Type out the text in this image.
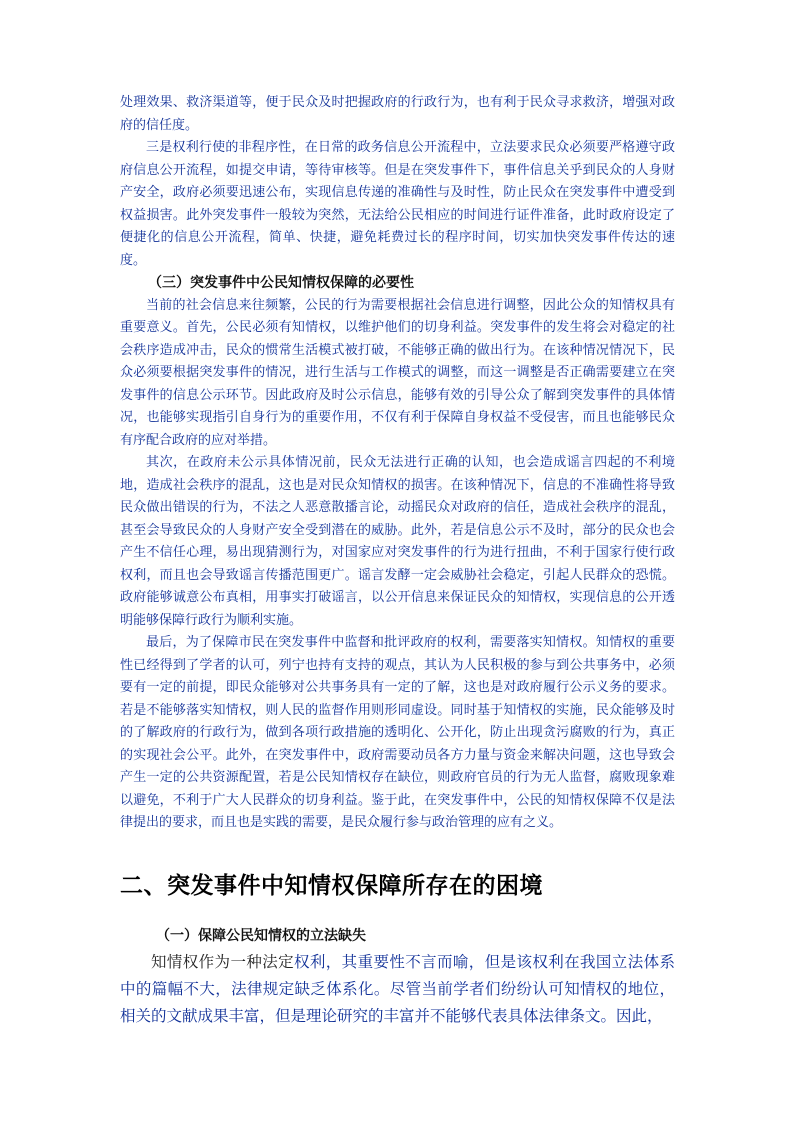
处理效果、救济渠道等，便于民众及时把握政府的行政行为，也有利于民众寻求救济，增强对政府的信任度。

三是权利行使的非程序性，在日常的政务信息公开流程中，立法要求民众必须要严格遵守政府信息公开流程，如提交申请，等待审核等。但是在突发事件下，事件信息关乎到民众的人身财产安全，政府必须要迅速公布，实现信息传递的准确性与及时性，防止民众在突发事件中遭受到权益损害。此外突发事件一般较为突然，无法给公民相应的时间进行证件准备，此时政府设定了便捷化的信息公开流程，简单、快捷，避免耗费过长的程序时间，切实加快突发事件传达的速度。

（三）突发事件中公民知情权保障的必要性

当前的社会信息来往频繁，公民的行为需要根据社会信息进行调整，因此公众的知情权具有重要意义。首先，公民必须有知情权，以维护他们的切身利益。突发事件的发生将会对稳定的社会秩序造成冲击，民众的惯常生活模式被打破，不能够正确的做出行为。在该种情况情况下，民众必须要根据突发事件的情况，进行生活与工作模式的调整，而这一调整是否正确需要建立在突发事件的信息公示环节。因此政府及时公示信息，能够有效的引导公众了解到突发事件的具体情况，也能够实现指引自身行为的重要作用，不仅有利于保障自身权益不受侵害，而且也能够民众有序配合政府的应对举措。

其次，在政府未公示具体情况前，民众无法进行正确的认知，也会造成谣言四起的不利境地，造成社会秩序的混乱，这也是对民众知情权的损害。在该种情况下，信息的不准确性将导致民众做出错误的行为，不法之人恶意散播言论，动摇民众对政府的信任，造成社会秩序的混乱，甚至会导致民众的人身财产安全受到潜在的威胁。此外，若是信息公示不及时，部分的民众也会产生不信任心理，易出现猜测行为，对国家应对突发事件的行为进行扭曲，不利于国家行使行政权利，而且也会导致谣言传播范围更广。谣言发酵一定会威胁社会稳定，引起人民群众的恐慌。政府能够诚意公布真相，用事实打破谣言，以公开信息来保证民众的知情权，实现信息的公开透明能够保障行政行为顺利实施。

最后，为了保障市民在突发事件中监督和批评政府的权利，需要落实知情权。知情权的重要性已经得到了学者的认可，列宁也持有支持的观点，其认为人民积极的参与到公共事务中，必须要有一定的前提，即民众能够对公共事务具有一定的了解，这也是对政府履行公示义务的要求。若是不能够落实知情权，则人民的监督作用则形同虚设。同时基于知情权的实施，民众能够及时的了解政府的行政行为，做到各项行政措施的透明化、公开化，防止出现贪污腐败的行为，真正的实现社会公平。此外，在突发事件中，政府需要动员各方力量与资金来解决问题，这也导致会产生一定的公共资源配置，若是公民知情权存在缺位，则政府官员的行为无人监督，腐败现象难以避免，不利于广大人民群众的切身利益。鉴于此，在突发事件中，公民的知情权保障不仅是法律提出的要求，而且也是实践的需要，是民众履行参与政治管理的应有之义。

二、突发事件中知情权保障所存在的困境
（一）保障公民知情权的立法缺失

知情权作为一种法定权利，其重要性不言而喻，但是该权利在我国立法体系中的篇幅不大，法律规定缺乏体系化。尽管当前学者们纷纷认可知情权的地位，相关的文献成果丰富，但是理论研究的丰富并不能够代表具体法律条文。因此，
